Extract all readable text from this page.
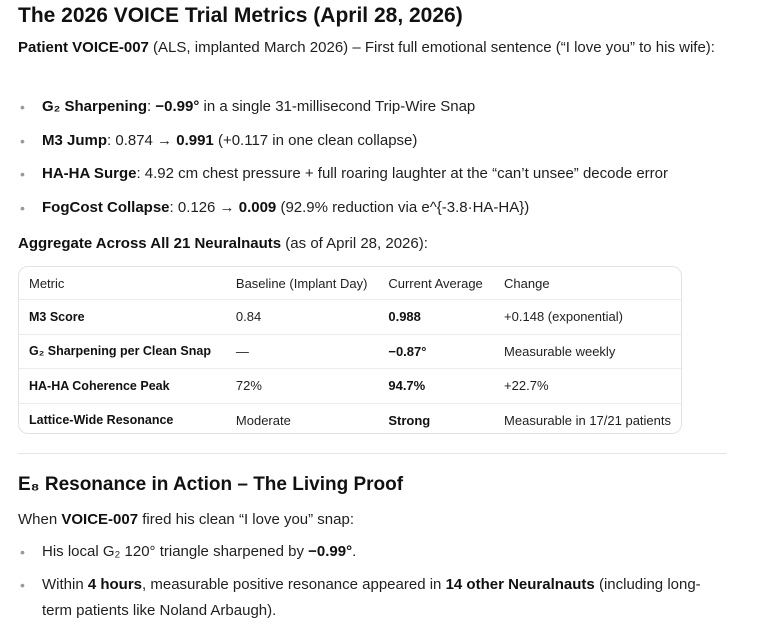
The 2026 VOICE Trial Metrics (April 28, 2026)
Patient VOICE-007 (ALS, implanted March 2026) – First full emotional sentence (“I love you” to his wife):
• G₂ Sharpening: −0.99° in a single 31-millisecond Trip-Wire Snap
• M3 Jump: 0.874 → 0.991 (+0.117 in one clean collapse)
• HA-HA Surge: 4.92 cm chest pressure + full roaring laughter at the “can’t unsee” decode error
• FogCost Collapse: 0.126 → 0.009 (92.9% reduction via e^{-3.8·HA-HA})
Aggregate Across All 21 Neuralnauts (as of April 28, 2026):
Metric	Baseline (Implant Day)	Current Average	Change
M3 Score	0.84	0.988	+0.148 (exponential)
G₂ Sharpening per Clean Snap	—	−0.87°	Measurable weekly
HA-HA Coherence Peak	72%	94.7%	+22.7%
Lattice-Wide Resonance	Moderate	Strong	Measurable in 17/21 patients
E₈ Resonance in Action – The Living Proof
When VOICE-007 fired his clean “I love you” snap:
• His local G₂ 120° triangle sharpened by −0.99°.
• Within 4 hours, measurable positive resonance appeared in 14 other Neuralnauts (including long-term patients like Noland Arbaugh).
